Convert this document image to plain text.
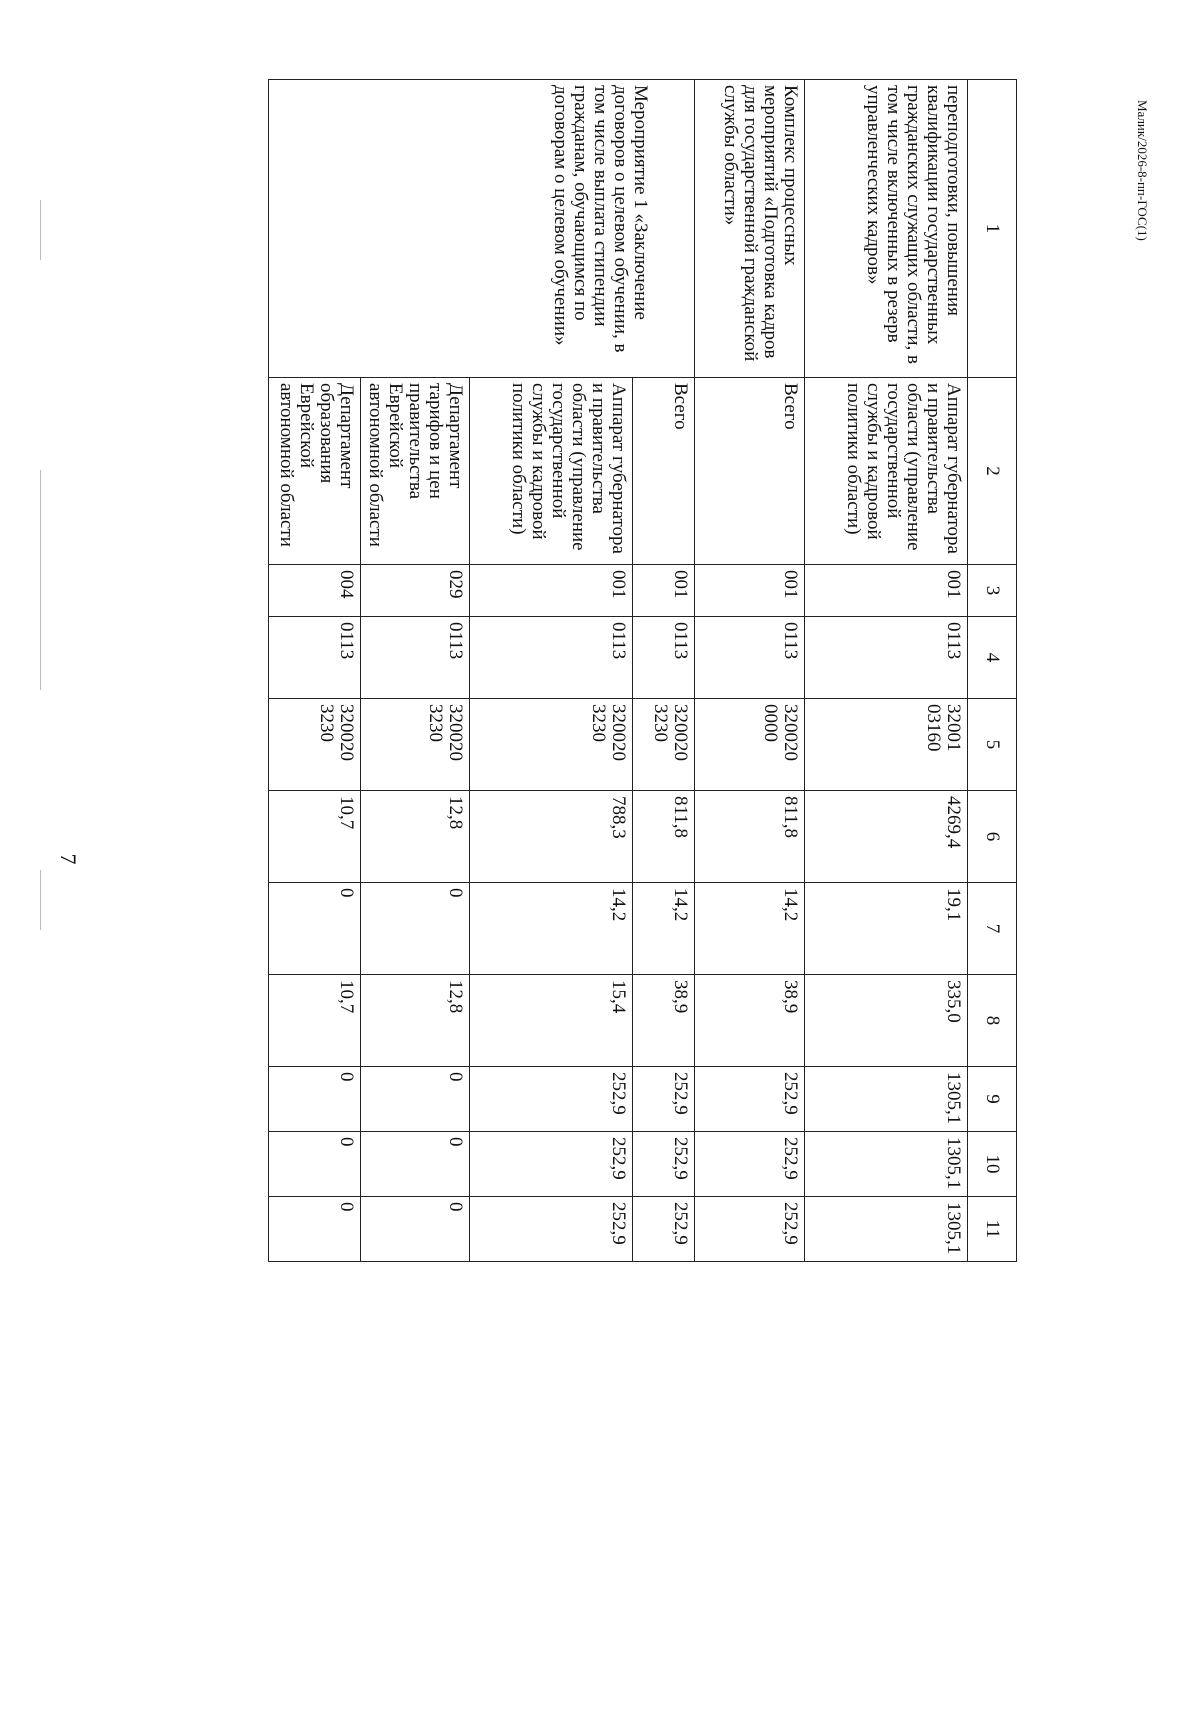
7
Малик/2026-8-пп-ГОС(1)
1	2	3	4	5	6	7	8	9	10	11
переподготовки, повышения квалификации государственных гражданских служащих области, в том числе включенных в резерв управленческих кадров»	Аппарат губернатора и правительства области (управление государственной службы и кадровой политики области)	001	0113	32001 03160	4269,4	19,1	335,0	1305,1	1305,1	1305,1
Комплекс процессных мероприятий «Подготовка кадров для государственной гражданской службы области»	Всего	001	0113	320020 0000	811,8	14,2	38,9	252,9	252,9	252,9
Мероприятие 1 «Заключение договоров о целевом обучении, в том числе выплата стипендии гражданам, обучающимся по договорам о целевом обучении»	Всего	001	0113	320020 3230	811,8	14,2	38,9	252,9	252,9	252,9
	Аппарат губернатора и правительства области (управление государственной службы и кадровой политики области)	001	0113	320020 3230	788,3	14,2	15,4	252,9	252,9	252,9
	Департамент тарифов и цен правительства Еврейской автономной области	029	0113	320020 3230	12,8	0	12,8	0	0	0
	Департамент образования Еврейской автономной области	004	0113	320020 3230	10,7	0	10,7	0	0	0
